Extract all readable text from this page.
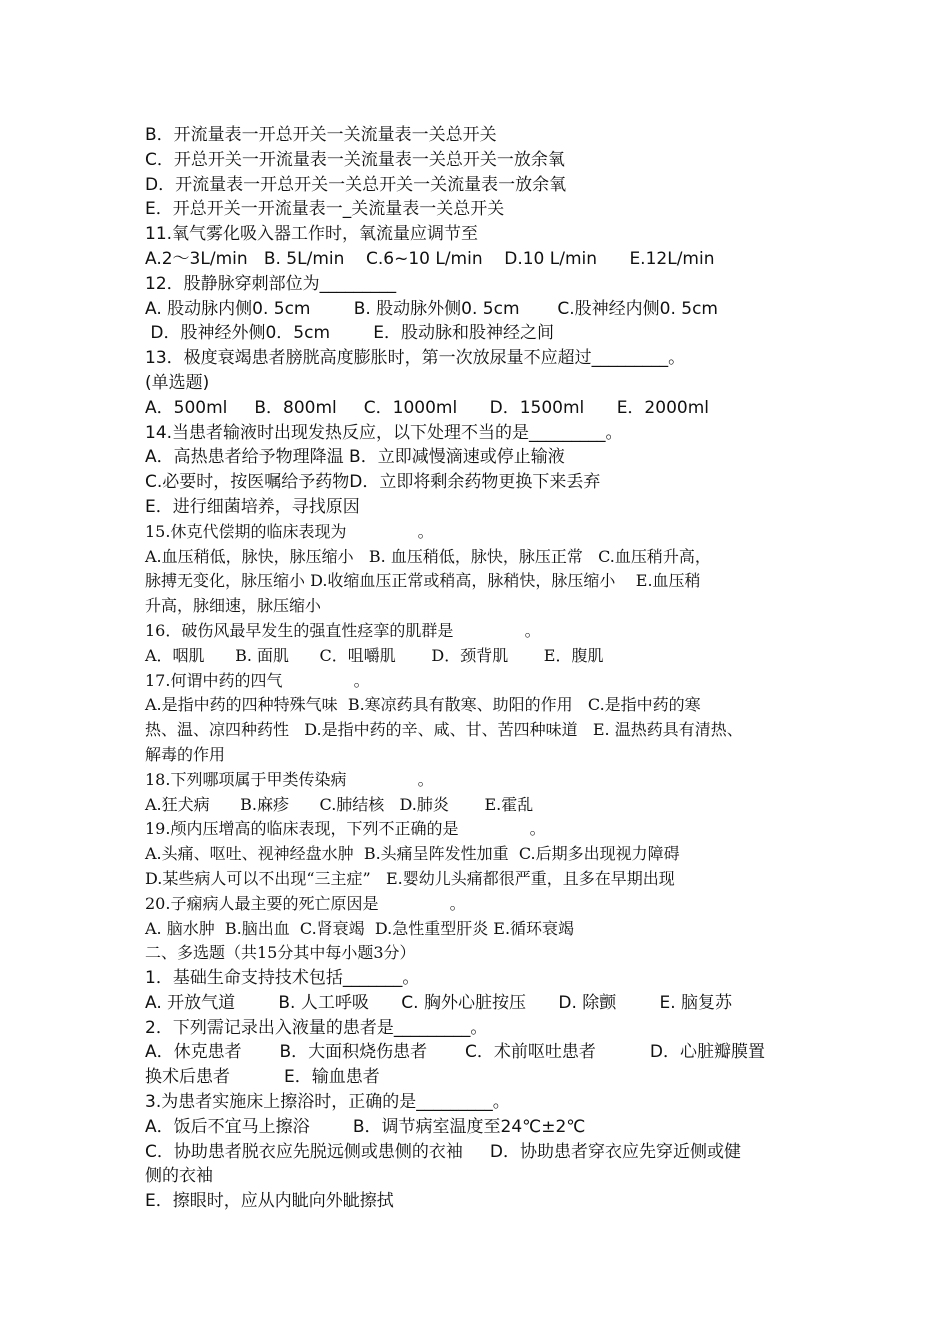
B．开流量表一开总开关一关流量表一关总开关
C．开总开关一开流量表一关流量表一关总开关一放余氧
D．开流量表一开总开关一关总开关一关流量表一放余氧
E．开总开关一开流量表一_关流量表一关总开关
11.氧气雾化吸入器工作时，氧流量应调节至
A.2～3L/min   B. 5L/min    C.6~10 L/min    D.10 L/min      E.12L/min
12．股静脉穿刺部位为_________
A. 股动脉内侧0. 5cm        B. 股动脉外侧0. 5cm       C.股神经内侧0. 5cm
D．股神经外侧0．5cm        E．股动脉和股神经之间
13．极度衰竭患者膀胱高度膨胀时，第一次放尿量不应超过_________。
(单选题)
A．500ml     B．800ml     C．1000ml      D．1500ml      E．2000ml
14.当患者输液时出现发热反应，以下处理不当的是_________。
A．高热患者给予物理降温 B．立即减慢滴速或停止输液
C.必要时，按医嘱给予药物D．立即将剩余药物更换下来丢弃
E．进行细菌培养，寻找原因
15.休克代偿期的临床表现为              。
A.血压稍低，脉快，脉压缩小   B. 血压稍低，脉快，脉压正常   C.血压稍升高，
脉搏无变化，脉压缩小 D.收缩血压正常或稍高，脉稍快，脉压缩小    E.血压稍
升高，脉细速，脉压缩小
16．破伤风最早发生的强直性痉挛的肌群是              。
A．咽肌      B. 面肌      C．咀嚼肌       D．颈背肌       E．腹肌
17.何谓中药的四气              。
A.是指中药的四种特殊气味  B.寒凉药具有散寒、助阳的作用   C.是指中药的寒
热、温、凉四种药性   D.是指中药的辛、咸、甘、苦四种味道   E. 温热药具有清热、
解毒的作用
18.下列哪项属于甲类传染病              。
A.狂犬病      B.麻疹      C.肺结核   D.肺炎       E.霍乱
19.颅内压增高的临床表现，下列不正确的是              。
A.头痛、呕吐、视神经盘水肿  B.头痛呈阵发性加重  C.后期多出现视力障碍
D.某些病人可以不出现“三主症”   E.婴幼儿头痛都很严重，且多在早期出现
20.子痫病人最主要的死亡原因是              。
A. 脑水肿  B.脑出血  C.肾衰竭  D.急性重型肝炎 E.循环衰竭
二、多选题（共15分其中每小题3分）
1．基础生命支持技术包括_______。
A. 开放气道        B. 人工呼吸      C. 胸外心脏按压      D. 除颤        E. 脑复苏
2．下列需记录出入液量的患者是_________。
A．休克患者       B．大面积烧伤患者       C．术前呕吐患者          D．心脏瓣膜置
换术后患者          E．输血患者
3.为患者实施床上擦浴时，正确的是_________。
A．饭后不宜马上擦浴        B．调节病室温度至24℃±2℃
C．协助患者脱衣应先脱远侧或患侧的衣袖     D．协助患者穿衣应先穿近侧或健
侧的衣袖
E．擦眼时，应从内眦向外眦擦拭
